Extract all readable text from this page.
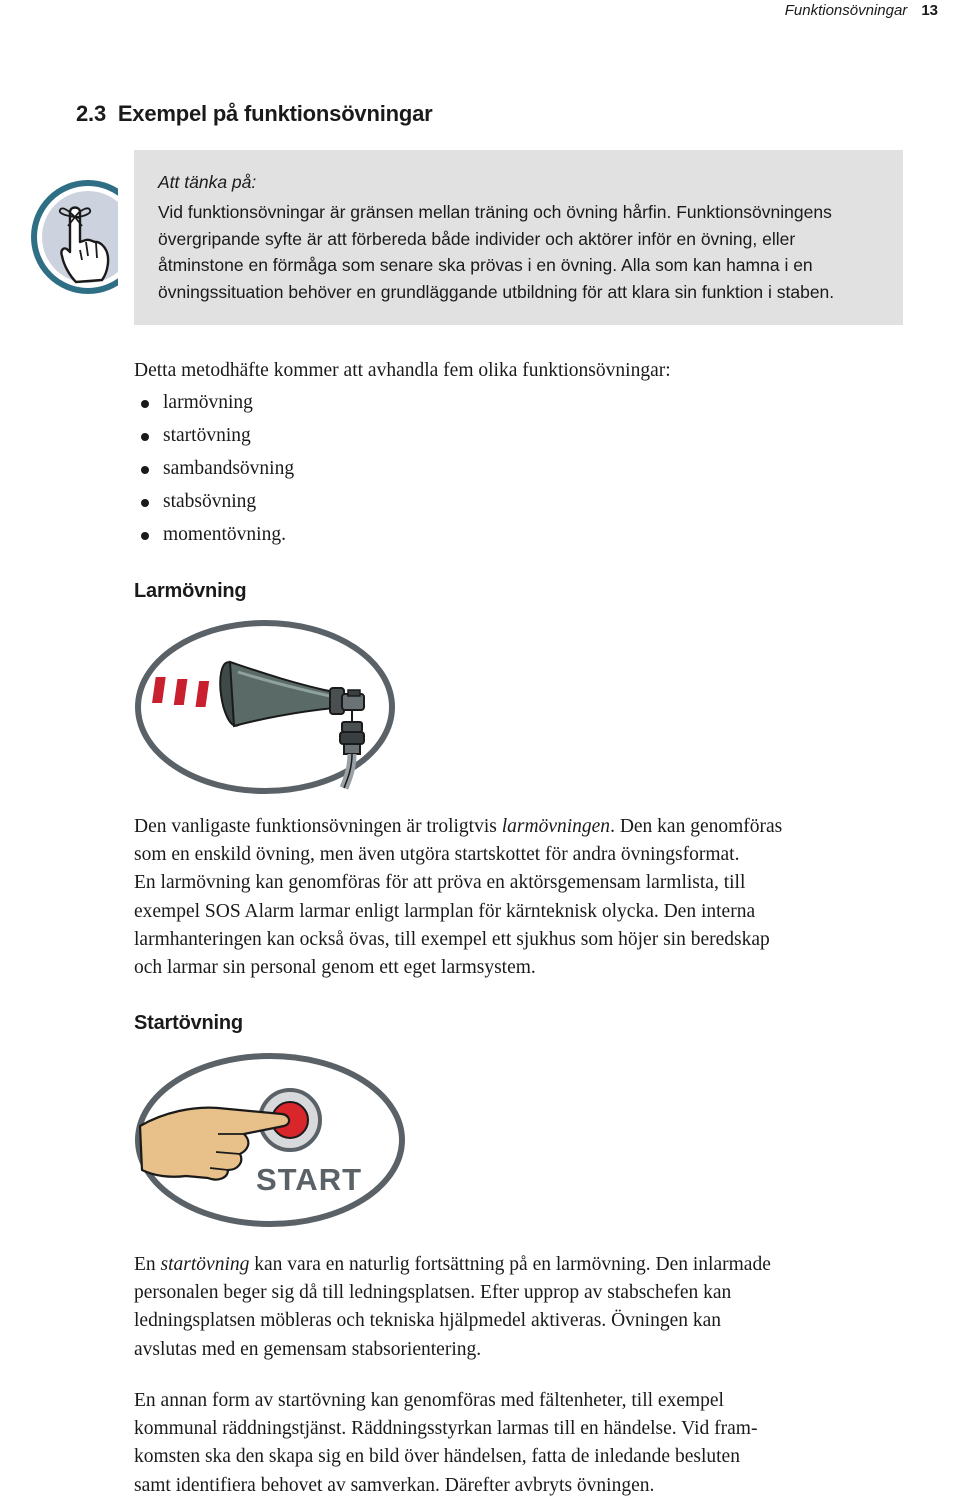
Funktionsövningar 13
2.3 Exempel på funktionsövningar

Att tänka på:

Vid funktionsövningar är gränsen mellan träning och övning hårfin. Funktionsövningens
övergripande syfte är att förbereda både individer och aktörer inför en övning, eller
åtminstone en förmåga som senare ska prövas i en övning. Alla som kan hamna i en
övningssituation behöver en grundläggande utbildning för att klara sin funktion i staben.

Detta metodhäfte kommer att avhandla fem olika funktionsövningar:

larmövning
startövning
sambandsövning
stabsövning
momentövning.
Larmövning

Den vanligaste funktionsövningen är troligtvis larmövningen. Den kan genomföras
som en enskild övning, men även utgöra startskottet för andra övningsformat.
En larmövning kan genomföras för att pröva en aktörsgemensam larmlista, till
exempel SOS Alarm larmar enligt larmplan för kärnteknisk olycka. Den interna
larmhanteringen kan också övas, till exempel ett sjukhus som höjer sin beredskap
och larmar sin personal genom ett eget larmsystem.

Startövning
START

En startövning kan vara en naturlig fortsättning på en larmövning. Den inlarmade
personalen beger sig då till ledningsplatsen. Efter upprop av stabschefen kan
ledningsplatsen möbleras och tekniska hjälpmedel aktiveras. Övningen kan
avslutas med en gemensam stabsorientering.

En annan form av startövning kan genomföras med fältenheter, till exempel
kommunal räddningstjänst. Räddningsstyrkan larmas till en händelse. Vid fram-
komsten ska den skapa sig en bild över händelsen, fatta de inledande besluten
samt identifiera behovet av samverkan. Därefter avbryts övningen.
